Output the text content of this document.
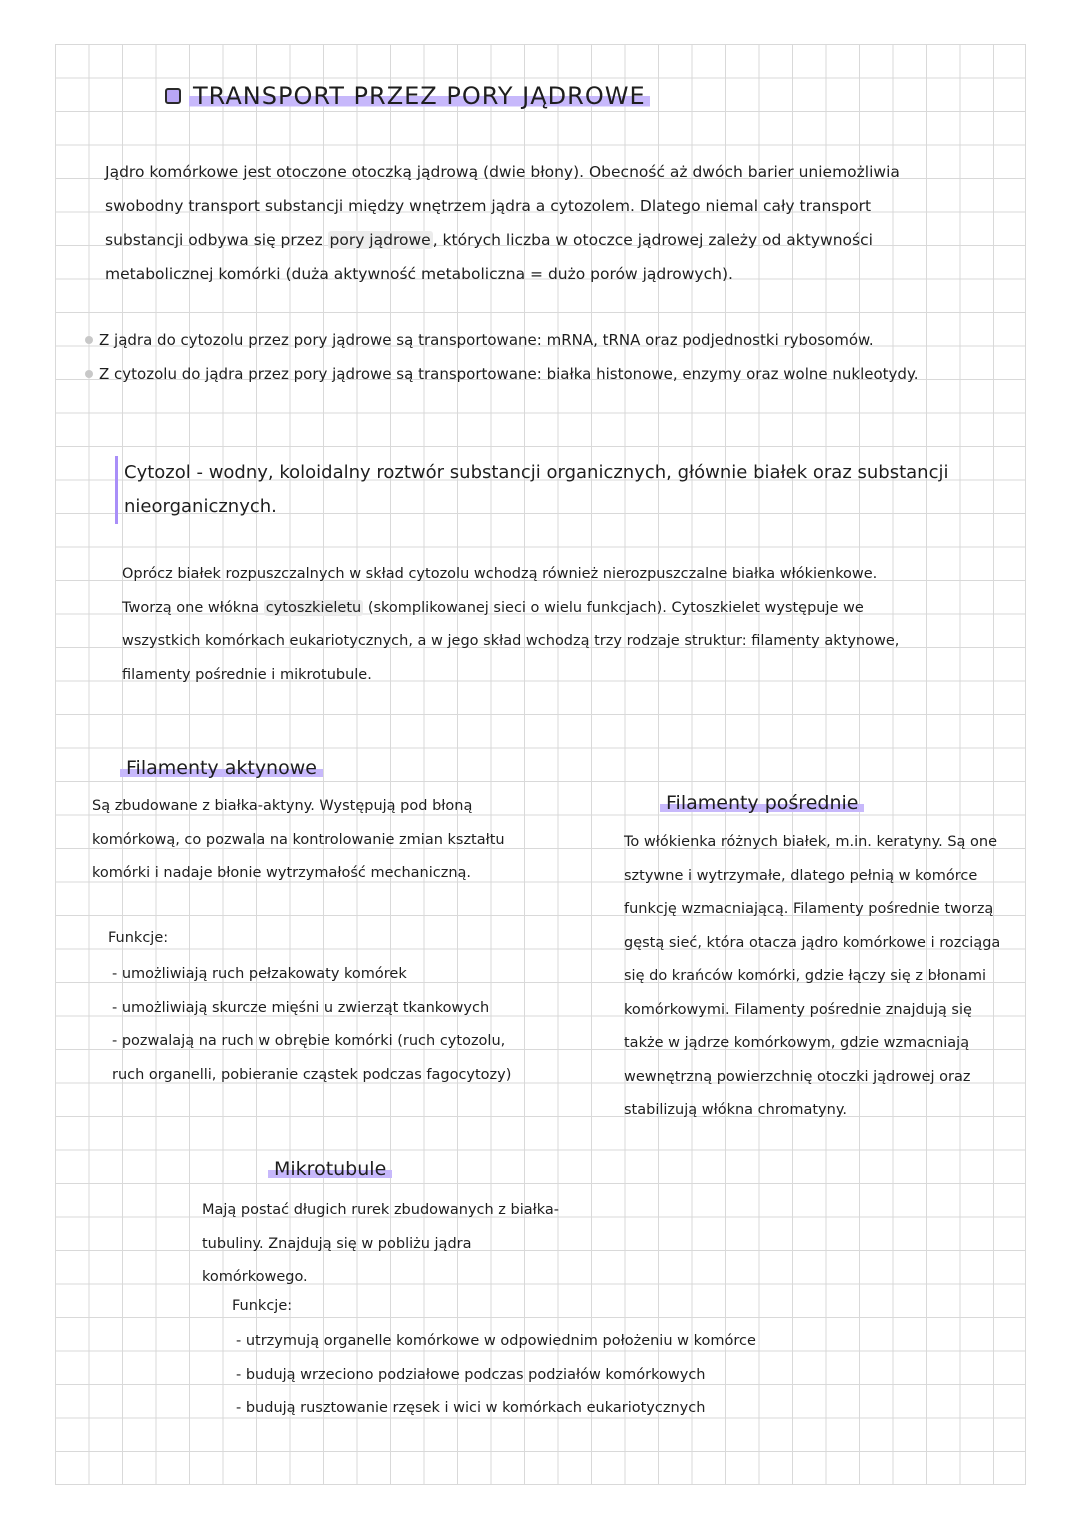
TRANSPORT PRZEZ PORY JĄDROWE
Jądro komórkowe jest otoczone otoczką jądrową (dwie błony). Obecność aż dwóch barier uniemożliwia swobodny transport substancji między wnętrzem jądra a cytozolem. Dlatego niemal cały transport substancji odbywa się przez pory jądrowe , których liczba w otoczce jądrowej zależy od aktywności metabolicznej komórki (duża aktywność metaboliczna = dużo porów jądrowych).
Z jądra do cytozolu przez pory jądrowe są transportowane: mRNA, tRNA oraz podjednostki rybosomów.
Z cytozolu do jądra przez pory jądrowe są transportowane: białka histonowe, enzymy oraz wolne nukleotydy.
Cytozol - wodny, koloidalny roztwór substancji organicznych, głównie białek oraz substancji nieorganicznych.
Oprócz białek rozpuszczalnych w skład cytozolu wchodzą również nierozpuszczalne białka włókienkowe. Tworzą one włókna cytoszkieletu (skomplikowanej sieci o wielu funkcjach). Cytoszkielet występuje we wszystkich komórkach eukariotycznych, a w jego skład wchodzą trzy rodzaje struktur: filamenty aktynowe, filamenty pośrednie i mikrotubule.
Filamenty aktynowe
Są zbudowane z białka-aktyny. Występują pod błoną komórkową, co pozwala na kontrolowanie zmian kształtu komórki i nadaje błonie wytrzymałość mechaniczną.
Funkcje:
- umożliwiają ruch pełzakowaty komórek
- umożliwiają skurcze mięśni u zwierząt tkankowych
- pozwalają na ruch w obrębie komórki (ruch cytozolu, ruch organelli, pobieranie cząstek podczas fagocytozy)
Filamenty pośrednie
To włókienka różnych białek, m.in. keratyny. Są one sztywne i wytrzymałe, dlatego pełnią w komórce funkcję wzmacniającą. Filamenty pośrednie tworzą gęstą sieć, która otacza jądro komórkowe i rozciąga się do krańców komórki, gdzie łączy się z błonami komórkowymi. Filamenty pośrednie znajdują się także w jądrze komórkowym, gdzie wzmacniają wewnętrzną powierzchnię otoczki jądrowej oraz stabilizują włókna chromatyny.
Mikrotubule
Mają postać długich rurek zbudowanych z białka-tubuliny. Znajdują się w pobliżu jądra komórkowego.
Funkcje:
- utrzymują organelle komórkowe w odpowiednim położeniu w komórce
- budują wrzeciono podziałowe podczas podziałów komórkowych
- budują rusztowanie rzęsek i wici w komórkach eukariotycznych
